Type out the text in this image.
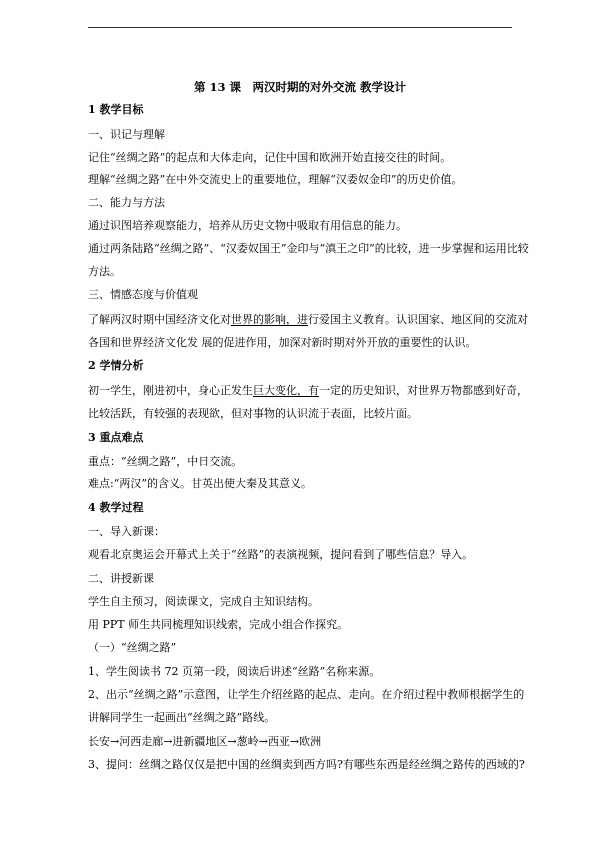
第 13 课　两汉时期的对外交流 教学设计
1 教学目标
一、识记与理解
记住“丝绸之路”的起点和大体走向，记住中国和欧洲开始直接交往的时间。
理解“丝绸之路”在中外交流史上的重要地位，理解“汉委奴金印”的历史价值。
二、能力与方法
通过识图培养观察能力，培养从历史文物中吸取有用信息的能力。
通过两条陆路“丝绸之路”、“汉委奴国王”金印与“滇王之印”的比较，进一步掌握和运用比较
方法。
三、情感态度与价值观
了解两汉时期中国经济文化对世界的影响，进行爱国主义教育。认识国家、地区间的交流对
各国和世界经济文化发 展的促进作用，加深对新时期对外开放的重要性的认识。
2 学情分析
初一学生，刚进初中，身心正发生巨大变化，有一定的历史知识，对世界万物都感到好奇，
比较活跃，有较强的表现欲，但对事物的认识流于表面，比较片面。
3 重点难点
重点：“丝绸之路”，中日交流。
难点:“两汉”的含义。甘英出使大秦及其意义。
4 教学过程
一、导入新课：
观看北京奥运会开幕式上关于“丝路”的表演视频，提问看到了哪些信息？导入。
二、讲授新课
学生自主预习，阅读课文，完成自主知识结构。
用 PPT 师生共同梳理知识线索，完成小组合作探究。
（一）“丝绸之路”
1、学生阅读书 72 页第一段，阅读后讲述“丝路”名称来源。
2、出示“丝绸之路”示意图，让学生介绍丝路的起点、走向。在介绍过程中教师根据学生的
讲解同学生一起画出“丝绸之路”路线。
长安→河西走廊→进新疆地区→葱岭→西亚→欧洲
3、提问：丝绸之路仅仅是把中国的丝绸卖到西方吗?有哪些东西是经丝绸之路传的西域的?
